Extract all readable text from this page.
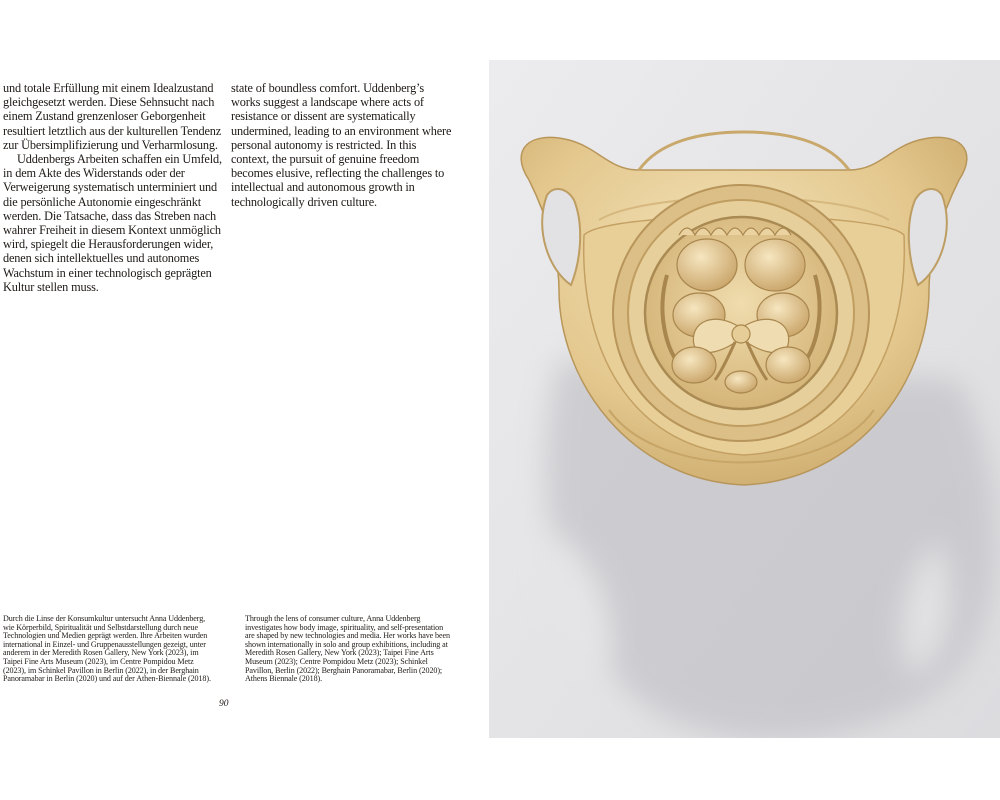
und totale Erfüllung mit einem Idealzustand gleichgesetzt werden. Diese Sehnsucht nach einem Zustand grenzenloser Geborgenheit resultiert letztlich aus der kulturellen Tendenz zur Übersimplifizierung und Verharmlosung.

Uddenbergs Arbeiten schaffen ein Umfeld, in dem Akte des Widerstands oder der Verweigerung systematisch unterminiert und die persönliche Autonomie eingeschränkt werden. Die Tatsache, dass das Streben nach wahrer Freiheit in diesem Kontext unmöglich wird, spiegelt die Herausforderungen wider, denen sich intellektuelles und autonomes Wachstum in einer technologisch geprägten Kultur stellen muss.

state of boundless comfort. Uddenberg’s works suggest a landscape where acts of resistance or dissent are systematically undermined, leading to an environment where personal autonomy is restricted. In this context, the pursuit of genuine freedom becomes elusive, reflecting the challenges to intellectual and autonomous growth in technologically driven culture.

Durch die Linse der Konsumkultur untersucht Anna Uddenberg, wie Körperbild, Spiritualität und Selbstdarstellung durch neue Technologien und Medien geprägt werden. Ihre Arbeiten wurden international in Einzel- und Gruppenausstellungen gezeigt, unter anderem in der Meredith Rosen Gallery, New York (2023), im Taipei Fine Arts Museum (2023), im Centre Pompidou Metz (2023), im Schinkel Pavillon in Berlin (2022), in der Berghain Panoramabar in Berlin (2020) und auf der Athen-Biennale (2018).
Through the lens of consumer culture, Anna Uddenberg investigates how body image, spirituality, and self-presentation are shaped by new technologies and media. Her works have been shown internationally in solo and group exhibitions, including at Meredith Rosen Gallery, New York (2023); Taipei Fine Arts Museum (2023); Centre Pompidou Metz (2023); Schinkel Pavillon, Berlin (2022); Berghain Panoramabar, Berlin (2020); Athens Biennale (2018).
90
